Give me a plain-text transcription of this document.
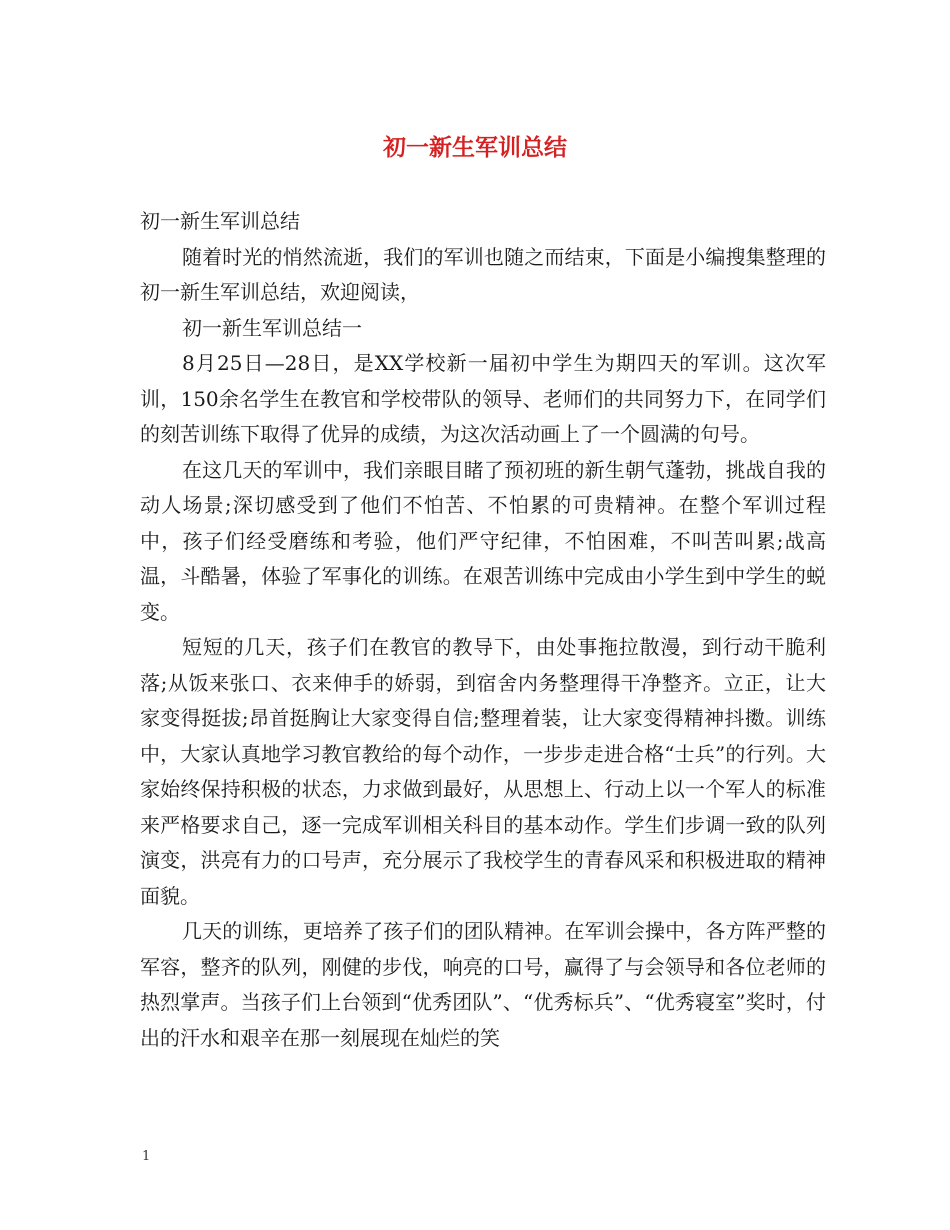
初一新生军训总结

初一新生军训总结

随着时光的悄然流逝，我们的军训也随之而结束，下面是小编搜集整理的初一新生军训总结，欢迎阅读，

初一新生军训总结一

8月25日—28日，是XX学校新一届初中学生为期四天的军训。这次军训，150余名学生在教官和学校带队的领导、老师们的共同努力下，在同学们的刻苦训练下取得了优异的成绩，为这次活动画上了一个圆满的句号。

在这几天的军训中，我们亲眼目睹了预初班的新生朝气蓬勃，挑战自我的动人场景;深切感受到了他们不怕苦、不怕累的可贵精神。在整个军训过程中，孩子们经受磨练和考验，他们严守纪律，不怕困难，不叫苦叫累;战高温，斗酷暑，体验了军事化的训练。在艰苦训练中完成由小学生到中学生的蜕变。

短短的几天，孩子们在教官的教导下，由处事拖拉散漫，到行动干脆利落;从饭来张口、衣来伸手的娇弱，到宿舍内务整理得干净整齐。立正，让大家变得挺拔;昂首挺胸让大家变得自信;整理着装，让大家变得精神抖擞。训练中，大家认真地学习教官教给的每个动作，一步步走进合格“士兵”的行列。大家始终保持积极的状态，力求做到最好，从思想上、行动上以一个军人的标准来严格要求自己，逐一完成军训相关科目的基本动作。学生们步调一致的队列演变，洪亮有力的口号声，充分展示了我校学生的青春风采和积极进取的精神面貌。

几天的训练，更培养了孩子们的团队精神。在军训会操中，各方阵严整的军容，整齐的队列，刚健的步伐，响亮的口号，赢得了与会领导和各位老师的热烈掌声。当孩子们上台领到“优秀团队”、“优秀标兵”、“优秀寝室”奖时，付出的汗水和艰辛在那一刻展现在灿烂的笑

1
